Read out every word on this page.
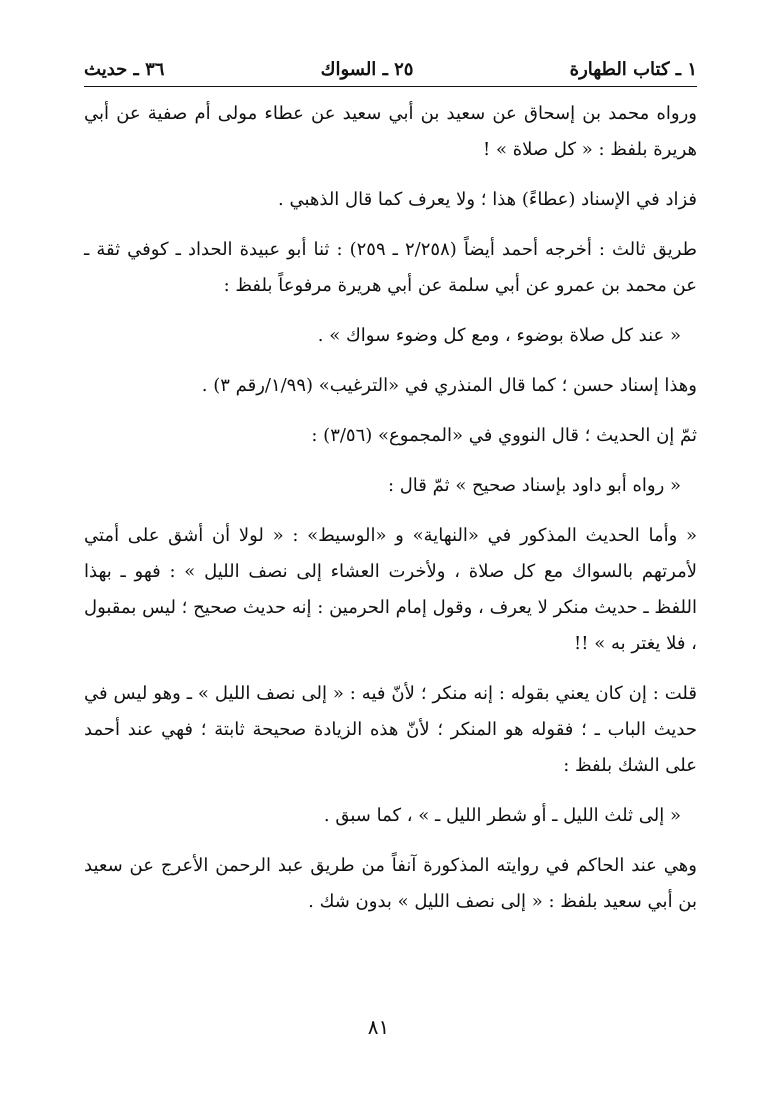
١ ـ كتاب الطهارة
٢٥ ـ السواك
٣٦ ـ حديث

ورواه محمد بن إسحاق عن سعيد بن أبي سعيد عن عطاء مولى أم صفية عن أبي هريرة بلفظ : « كل صلاة » !

فزاد في الإسناد (عطاءً) هذا ؛ ولا يعرف كما قال الذهبي .

طريق ثالث : أخرجه أحمد أيضاً (٢/٢٥٨ ـ ٢٥٩) : ثنا أبو عبيدة الحداد ـ كوفي ثقة ـ عن محمد بن عمرو عن أبي سلمة عن أبي هريرة مرفوعاً بلفظ :

« عند كل صلاة بوضوء ، ومع كل وضوء سواك » .

وهذا إسناد حسن ؛ كما قال المنذري في «الترغيب» (١/٩٩/رقم ٣) .

ثمّ إن الحديث ؛ قال النووي في «المجموع» (٣/٥٦) :

« رواه أبو داود بإسناد صحيح » ثمّ قال :

« وأما الحديث المذكور في «النهاية» و «الوسيط» : « لولا أن أشق على أمتي لأمرتهم بالسواك مع كل صلاة ، ولأخرت العشاء إلى نصف الليل » : فهو ـ بهذا اللفظ ـ حديث منكر لا يعرف ، وقول إمام الحرمين : إنه حديث صحيح ؛ ليس بمقبول ، فلا يغتر به » !!

قلت : إن كان يعني بقوله : إنه منكر ؛ لأنّ فيه : « إلى نصف الليل » ـ وهو ليس في حديث الباب ـ ؛ فقوله هو المنكر ؛ لأنّ هذه الزيادة صحيحة ثابتة ؛ فهي عند أحمد على الشك بلفظ :

« إلى ثلث الليل ـ أو شطر الليل ـ » ، كما سبق .

وهي عند الحاكم في روايته المذكورة آنفاً من طريق عبد الرحمن الأعرج عن سعيد بن أبي سعيد بلفظ : « إلى نصف الليل » بدون شك .

٨١
